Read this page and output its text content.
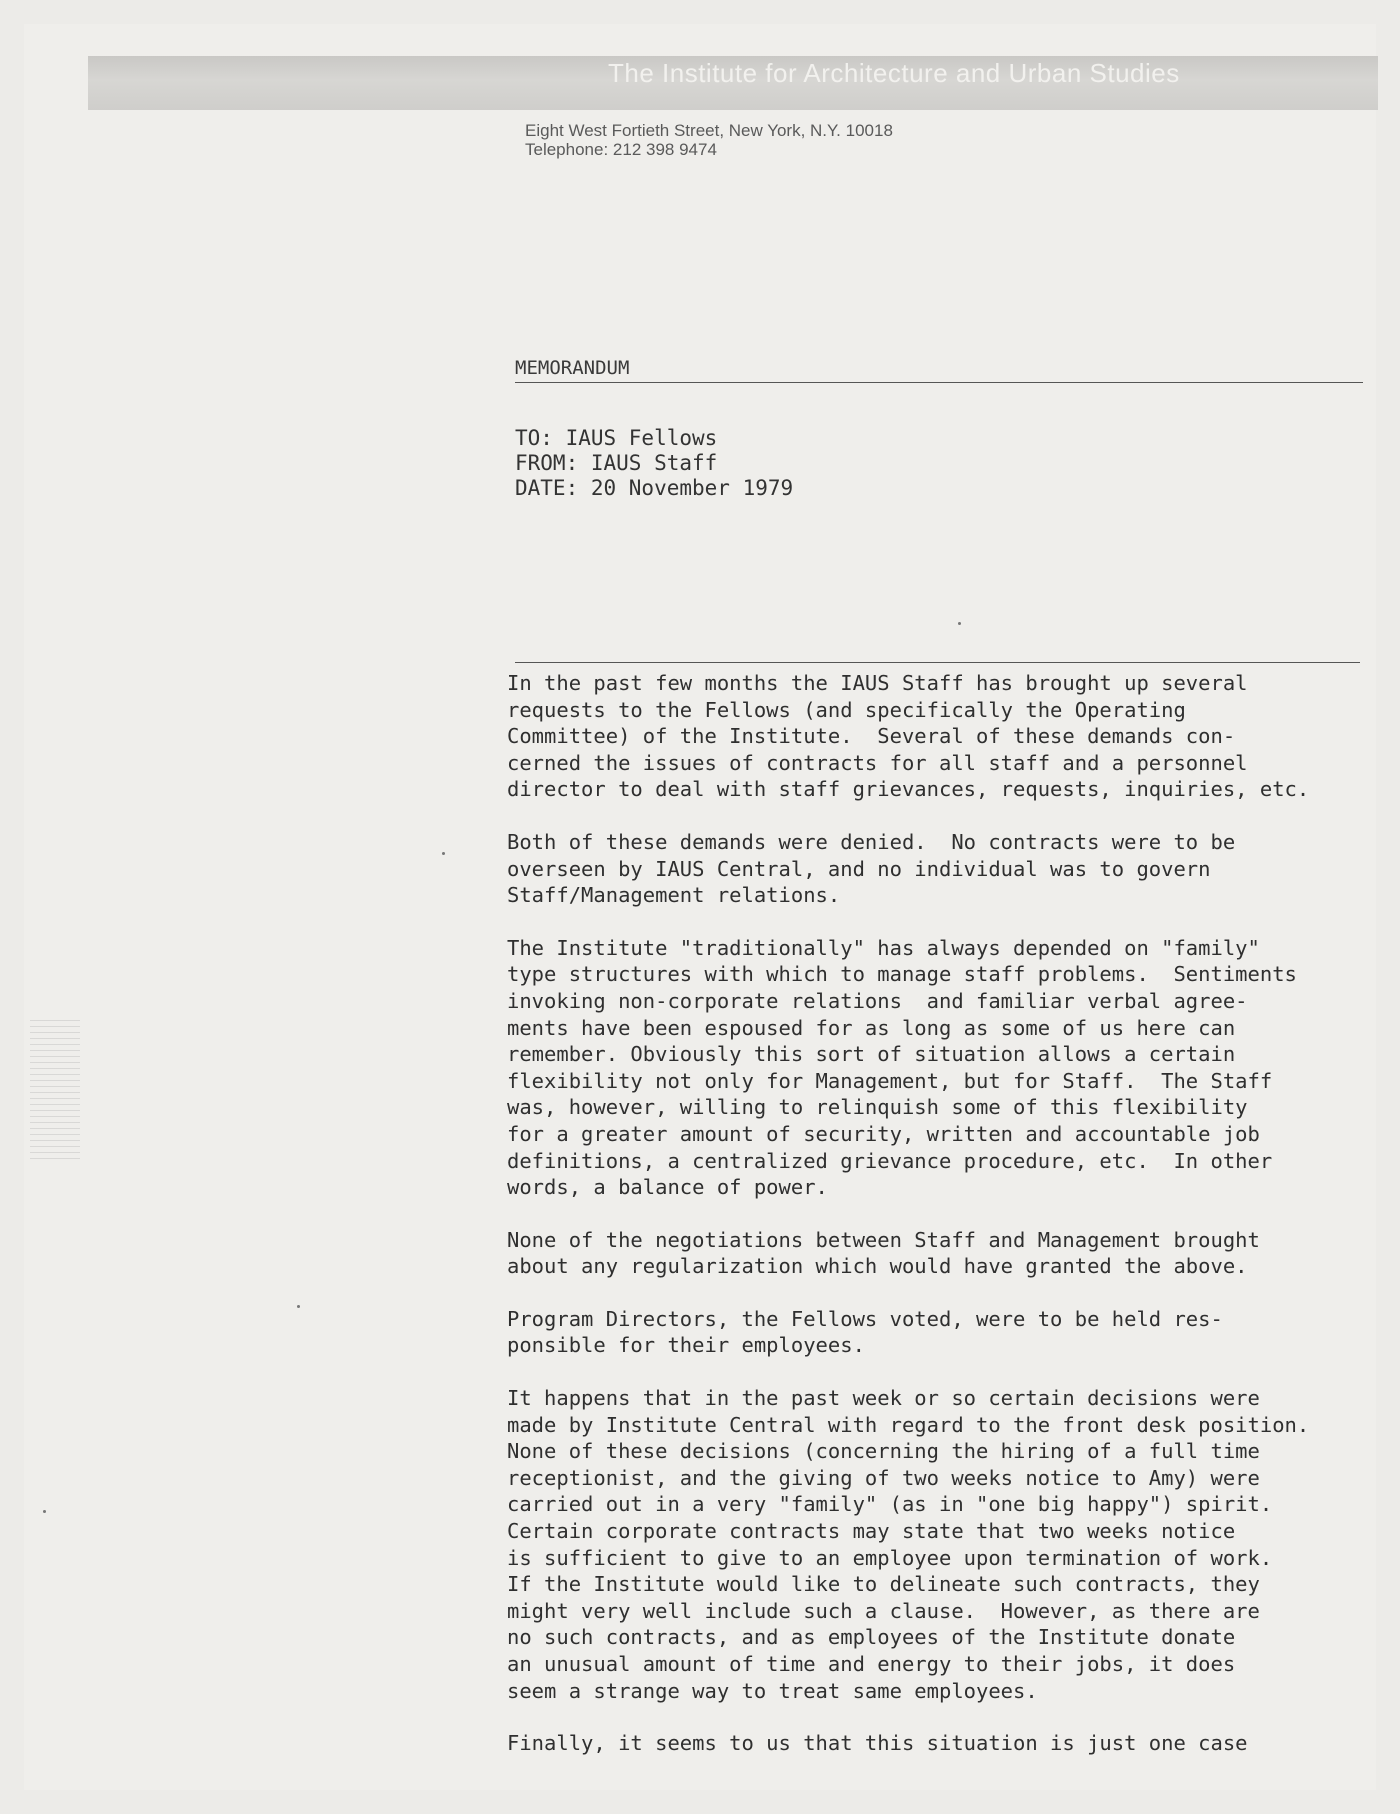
The Institute for Architecture and Urban Studies
Eight West Fortieth Street, New York, N.Y. 10018
Telephone: 212 398 9474
MEMORANDUM
TO: IAUS Fellows
FROM: IAUS Staff
DATE: 20 November 1979
In the past few months the IAUS Staff has brought up several
requests to the Fellows (and specifically the Operating
Committee) of the Institute.  Several of these demands con-
cerned the issues of contracts for all staff and a personnel
director to deal with staff grievances, requests, inquiries, etc.
Both of these demands were denied.  No contracts were to be
overseen by IAUS Central, and no individual was to govern
Staff/Management relations.
The Institute "traditionally" has always depended on "family"
type structures with which to manage staff problems.  Sentiments
invoking non-corporate relations  and familiar verbal agree-
ments have been espoused for as long as some of us here can
remember. Obviously this sort of situation allows a certain
flexibility not only for Management, but for Staff.  The Staff
was, however, willing to relinquish some of this flexibility
for a greater amount of security, written and accountable job
definitions, a centralized grievance procedure, etc.  In other
words, a balance of power.
None of the negotiations between Staff and Management brought
about any regularization which would have granted the above.
Program Directors, the Fellows voted, were to be held res-
ponsible for their employees.
It happens that in the past week or so certain decisions were
made by Institute Central with regard to the front desk position.
None of these decisions (concerning the hiring of a full time
receptionist, and the giving of two weeks notice to Amy) were
carried out in a very "family" (as in "one big happy") spirit.
Certain corporate contracts may state that two weeks notice
is sufficient to give to an employee upon termination of work.
If the Institute would like to delineate such contracts, they
might very well include such a clause.  However, as there are
no such contracts, and as employees of the Institute donate
an unusual amount of time and energy to their jobs, it does
seem a strange way to treat same employees.
Finally, it seems to us that this situation is just one case
